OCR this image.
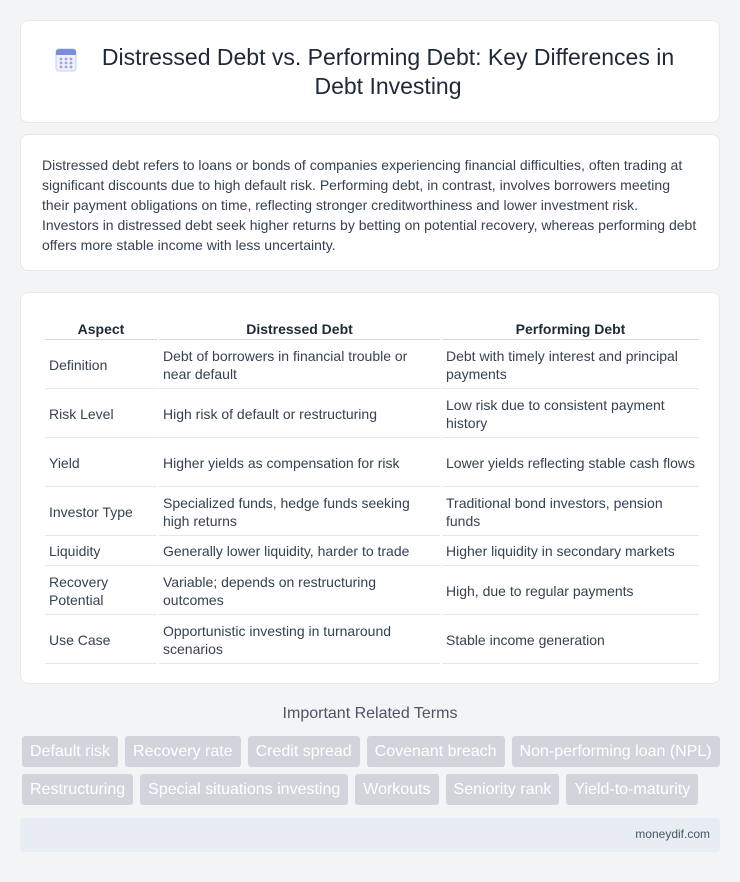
Distressed Debt vs. Performing Debt: Key Differences in Debt Investing

Distressed debt refers to loans or bonds of companies experiencing financial difficulties, often trading at significant discounts due to high default risk. Performing debt, in contrast, involves borrowers meeting their payment obligations on time, reflecting stronger creditworthiness and lower investment risk. Investors in distressed debt seek higher returns by betting on potential recovery, whereas performing debt offers more stable income with less uncertainty.

Aspect	Distressed Debt	Performing Debt
Definition	Debt of borrowers in financial trouble or near default	Debt with timely interest and principal payments
Risk Level	High risk of default or restructuring	Low risk due to consistent payment history
Yield	Higher yields as compensation for risk	Lower yields reflecting stable cash flows
Investor Type	Specialized funds, hedge funds seeking high returns	Traditional bond investors, pension funds
Liquidity	Generally lower liquidity, harder to trade	Higher liquidity in secondary markets
Recovery Potential	Variable; depends on restructuring outcomes	High, due to regular payments
Use Case	Opportunistic investing in turnaround scenarios	Stable income generation
Important Related Terms
Default risk	Recovery rate	Credit spread	Covenant breach	Non-performing loan (NPL)
Restructuring	Special situations investing	Workouts	Seniority rank	Yield-to-maturity
moneydif.com
